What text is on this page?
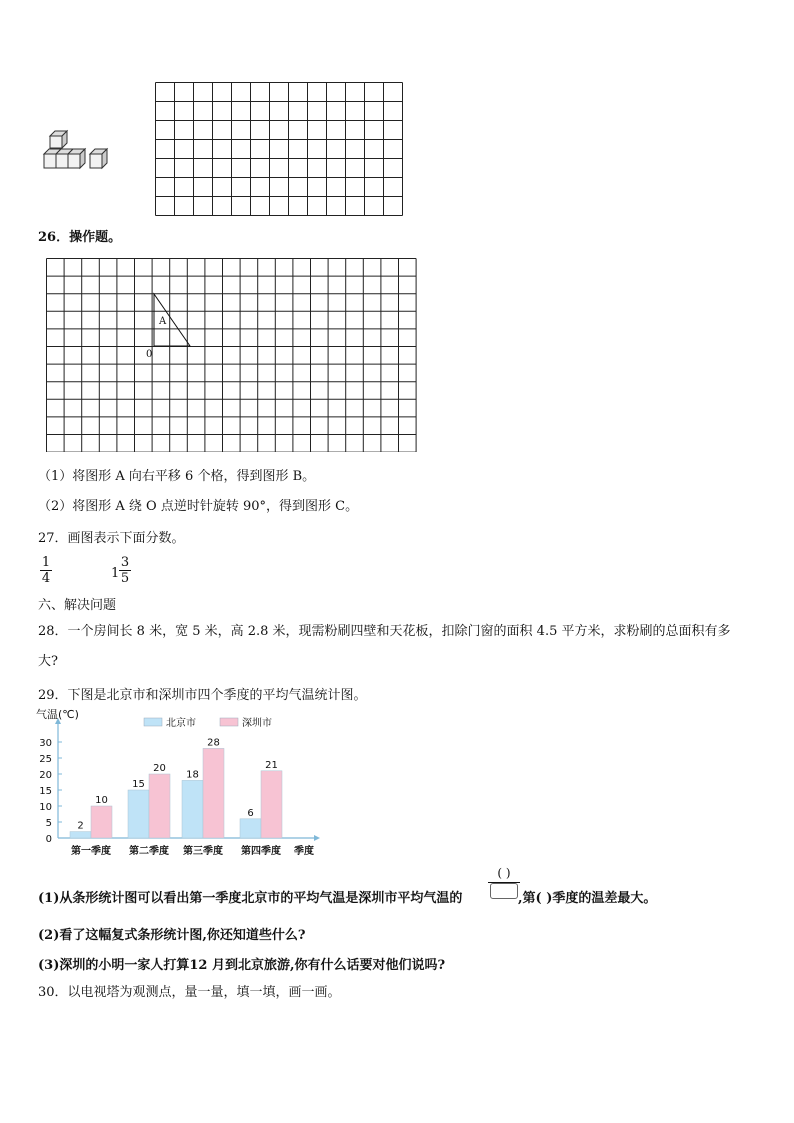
26．操作题。
A
0
（1）将图形 A 向右平移 6 个格，得到图形 B。
（2）将图形 A 绕 O 点逆时针旋转 90°，得到图形 C。
27．画图表示下面分数。
1
4	1
3
5
六、解决问题
28．一个房间长 8 米，宽 5 米，高 2.8 米，现需粉刷四壁和天花板，扣除门窗的面积 4.5 平方米，求粉刷的总面积有多
大?
29．下图是北京市和深圳市四个季度的平均气温统计图。
气温(℃)
0
5
10
15
20
25
30
北京市	深圳市
2
10
第一季度
15
20
第二季度
18
28
第三季度
6
21
第四季度 季度
(1)从条形统计图可以看出第一季度北京市的平均气温是深圳市平均气温的
( )
,第( )季度的温差最大。
(2)看了这幅复式条形统计图,你还知道些什么?
(3)深圳的小明一家人打算12 月到北京旅游,你有什么话要对他们说吗?
30．以电视塔为观测点，量一量，填一填，画一画。
